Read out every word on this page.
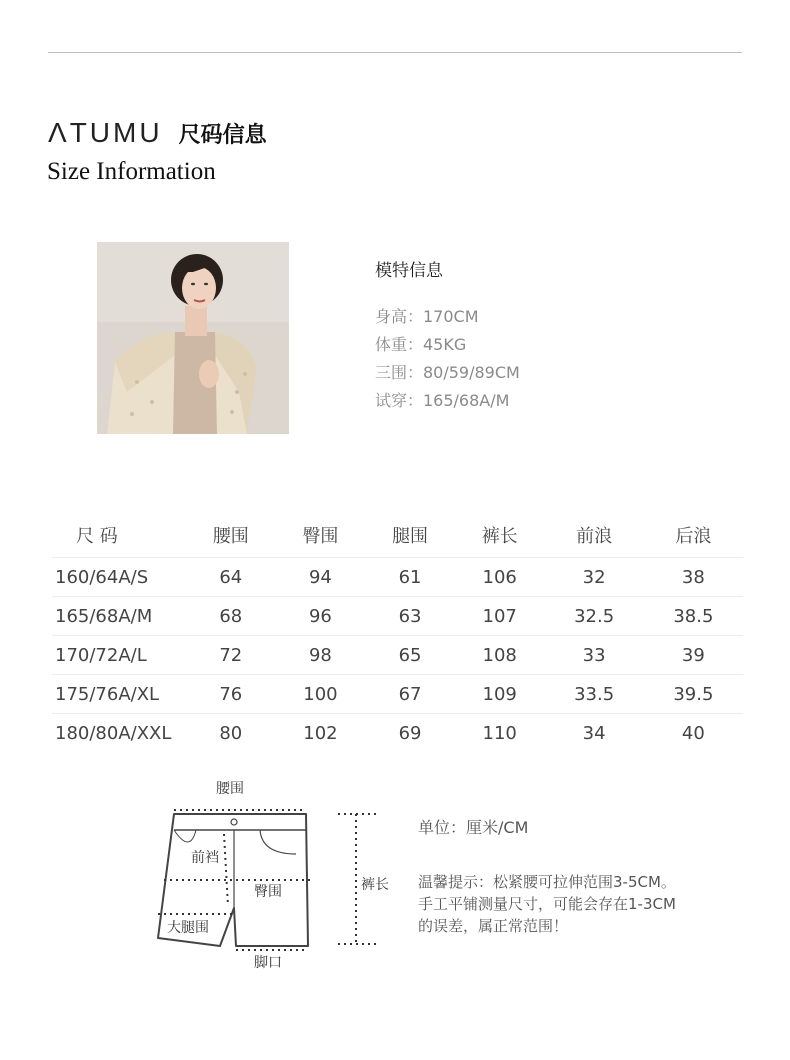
ΛTUMU 尺码信息
Size Information
模特信息
身高：170CM
体重：45KG
三围：80/59/89CM
试穿：165/68A/M
尺 码	腰围	臀围	腿围	裤长	前浪	后浪
160/64A/S	64	94	61	106	32	38
165/68A/M	68	96	63	107	32.5	38.5
170/72A/L	72	98	65	108	33	39
175/76A/XL	76	100	67	109	33.5	39.5
180/80A/XXL	80	102	69	110	34	40
腰围
前裆
臀围
大腿围
脚口
裤长
单位：厘米/CM
温馨提示：松紧腰可拉伸范围3-5CM。
手工平铺测量尺寸，可能会存在1-3CM
的误差，属正常范围！
